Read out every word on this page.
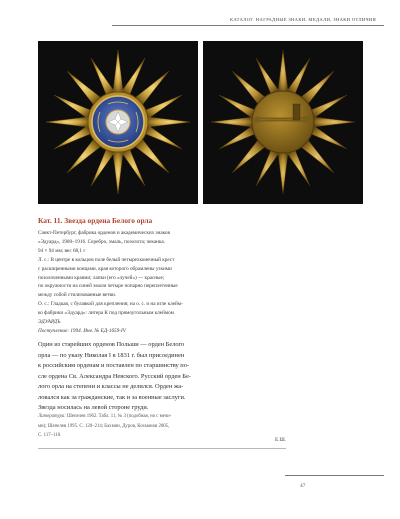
КАТАЛОГ. НАГРАДНЫЕ ЗНАКИ, МЕДАЛИ, ЗНАКИ ОТЛИЧИЯ
Кат. 11. Звезда ордена Белого орла
Санкт-Петербург, фабрика орденов и академических знаков
«Эдуард», 1900–1916. Серебро, эмаль, позолота; чеканка.
94 × 94 мм; вес 68,1 г
Л. с.: В центре в кольцом поле белый четырехконечный крест
с расширенными концами, края которого обрамлены узкими
позолоченными краями; лапки (его «лучей») — красные;
по окружности на синей эмали четыре попарно переплетенные
между собой стилизованные ветви.
О. с.: Гладкая, с булавкой для крепления; на о. с. и на игле клейм-
ко фабрики «Эдуард»: литера К под прямоугольным клеймом
ЭДУАРДЪ
Поступление: 1994. Инв. № ЕД-1659-IV
Один из старейших орденов Польши — орден Белого
орла — по указу Николая I в 1831 г. был присоединен
к российским орденам и поставлен по старшинству по-
сле ордена Св. Александра Невского. Русский орден Бе-
лого орла на степени и классы не делился. Орден жа-
ловался как за гражданские, так и за военные заслуги.
Звезда носилась на левой стороне груди.
Литература: Шепелев 1962. Табл. 11, № 3 (подобная, но с мечи-
ми); Шепелев 1995. С. 120–214; Бахмин, Дуров, Кохманов 2005,
С. 117–118.
Е.Ш.
47
